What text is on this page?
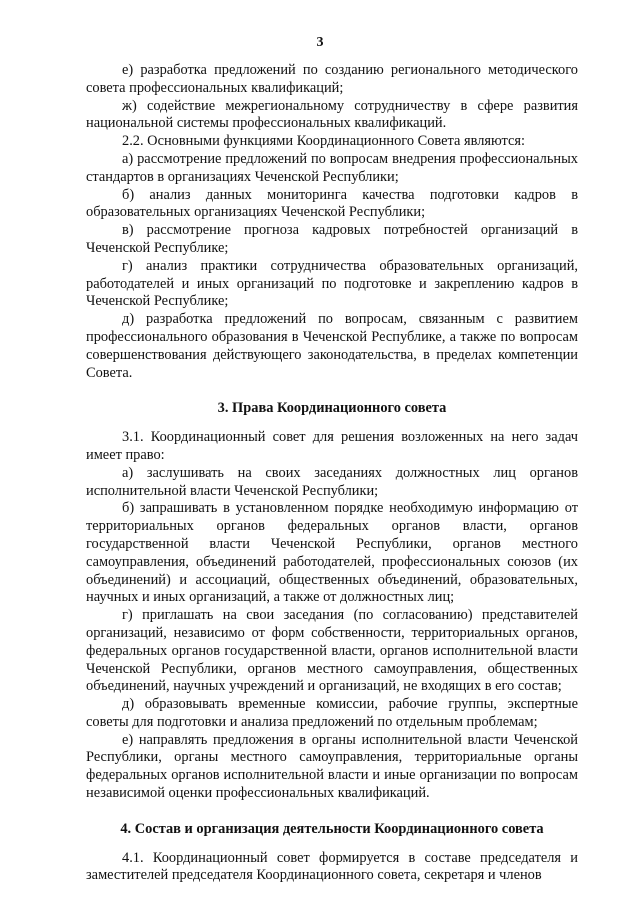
3

е) разработка предложений по созданию регионального методического совета профессиональных квалификаций;

ж) содействие межрегиональному сотрудничеству в сфере развития национальной системы профессиональных квалификаций.

2.2. Основными функциями Координационного Совета являются:

а) рассмотрение предложений по вопросам внедрения профессиональных стандартов в организациях Чеченской Республики;

б) анализ данных мониторинга качества подготовки кадров в образовательных организациях Чеченской Республики;

в) рассмотрение прогноза кадровых потребностей организаций в Чеченской Республике;

г) анализ практики сотрудничества образовательных организаций, работодателей и иных организаций по подготовке и закреплению кадров в Чеченской Республике;

д) разработка предложений по вопросам, связанным с развитием профессионального образования в Чеченской Республике, а также по вопросам совершенствования действующего законодательства, в пределах компетенции Совета.

3. Права Координационного совета

3.1. Координационный совет для решения возложенных на него задач имеет право:

а) заслушивать на своих заседаниях должностных лиц органов исполнительной власти Чеченской Республики;

б) запрашивать в установленном порядке необходимую информацию от территориальных органов федеральных органов власти, органов государственной власти Чеченской Республики, органов местного самоуправления, объединений работодателей, профессиональных союзов (их объединений) и ассоциаций, общественных объединений, образовательных, научных и иных организаций, а также от должностных лиц;

г) приглашать на свои заседания (по согласованию) представителей организаций, независимо от форм собственности, территориальных органов, федеральных органов государственной власти, органов исполнительной власти Чеченской Республики, органов местного самоуправления, общественных объединений, научных учреждений и организаций, не входящих в его состав;

д) образовывать временные комиссии, рабочие группы, экспертные советы для подготовки и анализа предложений по отдельным проблемам;

е) направлять предложения в органы исполнительной власти Чеченской Республики, органы местного самоуправления, территориальные органы федеральных органов исполнительной власти и иные организации по вопросам независимой оценки профессиональных квалификаций.

4. Состав и организация деятельности Координационного совета

4.1. Координационный совет формируется в составе председателя и заместителей председателя Координационного совета, секретаря и членов
